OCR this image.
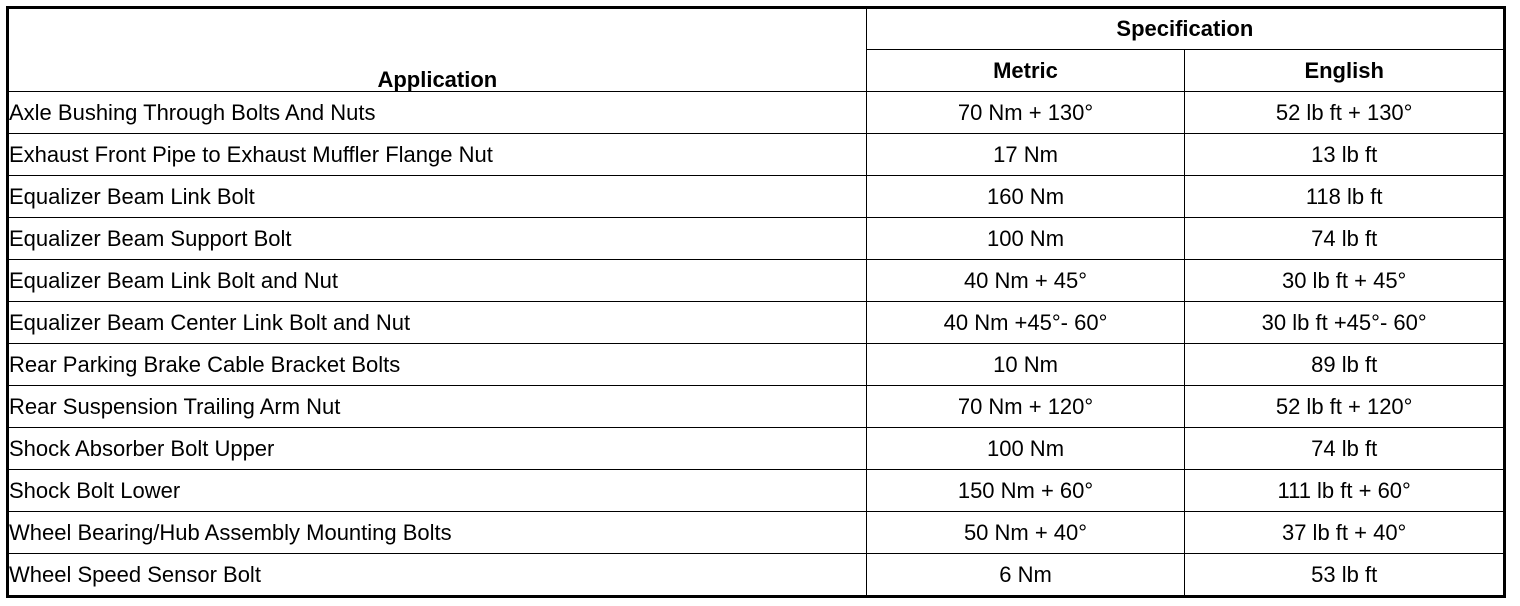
Application	Specification	
	Metric	English
Axle Bushing Through Bolts And Nuts	70 Nm + 130°	52 lb ft + 130°
Exhaust Front Pipe to Exhaust Muffler Flange Nut	17 Nm	13 lb ft
Equalizer Beam Link Bolt	160 Nm	118 lb ft
Equalizer Beam Support Bolt	100 Nm	74 lb ft
Equalizer Beam Link Bolt and Nut	40 Nm + 45°	30 lb ft + 45°
Equalizer Beam Center Link Bolt and Nut	40 Nm +45°- 60°	30 lb ft +45°- 60°
Rear Parking Brake Cable Bracket Bolts	10 Nm	89 lb ft
Rear Suspension Trailing Arm Nut	70 Nm + 120°	52 lb ft + 120°
Shock Absorber Bolt Upper	100 Nm	74 lb ft
Shock Bolt Lower	150 Nm + 60°	111 lb ft + 60°
Wheel Bearing/Hub Assembly Mounting Bolts	50 Nm + 40°	37 lb ft + 40°
Wheel Speed Sensor Bolt	6 Nm	53 lb ft
